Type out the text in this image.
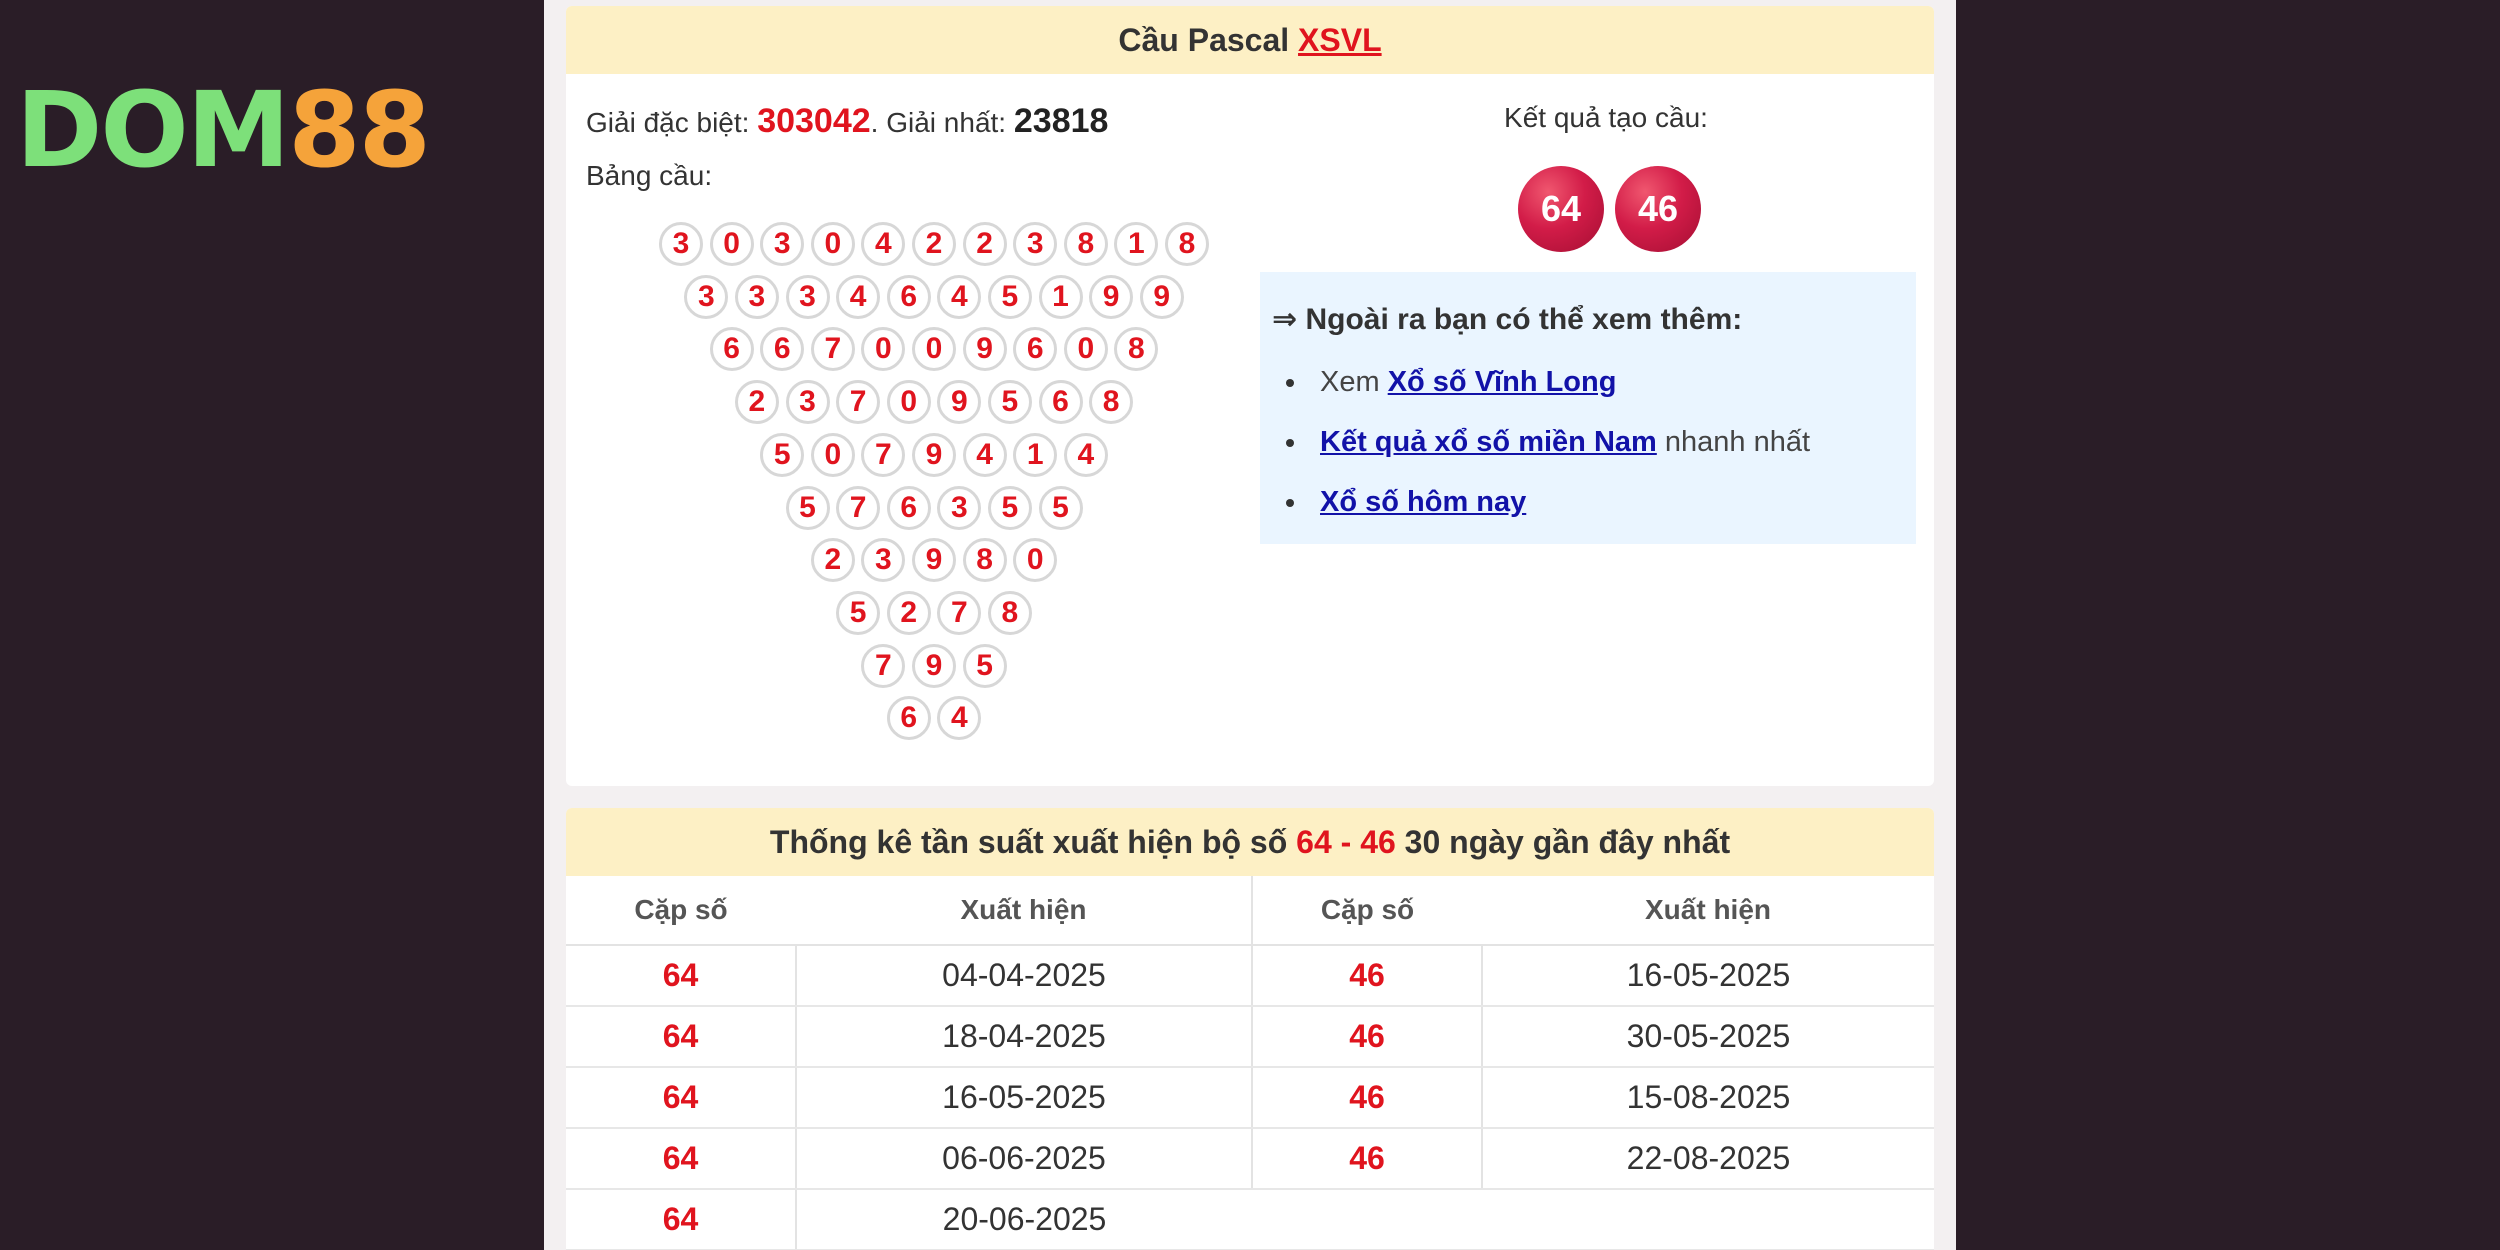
DOM88
Cầu Pascal XSVL
Giải đặc biệt: 303042. Giải nhất: 23818
Bảng cầu:
3	0	3	0	4	2	2	3	8	1	8
3	3	3	4	6	4	5	1	9	9
6	6	7	0	0	9	6	0	8
2	3	7	0	9	5	6	8
5	0	7	9	4	1	4
5	7	6	3	5	5
2	3	9	8	0
5	2	7	8
7	9	5
6	4
Kết quả tạo cầu:
64	46
⇒ Ngoài ra bạn có thể xem thêm:
Xem Xổ số Vĩnh Long
Kết quả xổ số miền Nam nhanh nhất
Xổ số hôm nay
Thống kê tần suất xuất hiện bộ số 64 - 46 30 ngày gần đây nhất
Cặp số	Xuất hiện	Cặp số	Xuất hiện
64	04-04-2025	46	16-05-2025
64	18-04-2025	46	30-05-2025
64	16-05-2025	46	15-08-2025
64	06-06-2025	46	22-08-2025
64	20-06-2025		
